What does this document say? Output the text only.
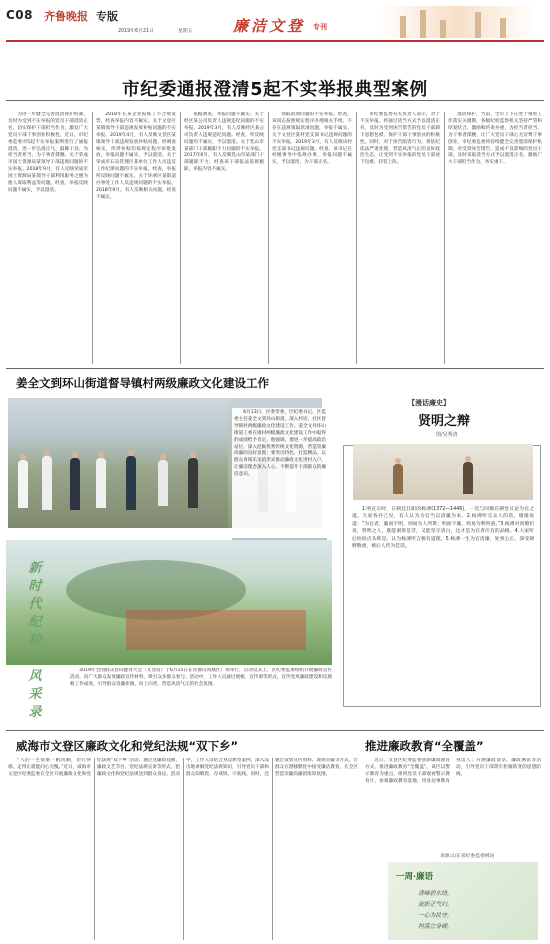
C08 齐鲁晚报 专版
2019年6月21日	星期五	廉洁文登 专刊
市纪委通报澄清5起不实举报典型案例

为进一步健全完善澄清保护机制，及时为受到不实举报的党员干部澄清正名，切实保护干部担当作为，激发广大党员干部干事创业积极性，近日，市纪委监委对5起不实举报案例进行了通报澄清，进一步弘扬正气、鼓舞干劲，为担当者担当、为干事者撑腰。关于荣成市国土资源局某领导干部违规问题的不实举报。2018年9月，有人反映荣成市国土资源局某领导干部利用职务之便为他人谋取利益等问题。经查，举报反映问题不属实，予以澄清。

2018年在某企业报账了不合规发票，经查举报内容不属实。关于文登区某镇领导干部违规发放补贴问题的不实举报。2019年4月，有人反映文登区某镇领导干部违规发放补贴问题。经调查核实，所涉补贴均按规定程序审批发放，举报问题不属实，予以澄清。关于荣成市石岛管理区某单位工作人员违反工作纪律问题的不实举报。经查，举报所反映问题不属实。关于环翠区某街道办事处工作人员违规问题的不实举报。2018年9月，有人反映相关问题，经查不属实。

依据调查，举报问题不属实。关于经区某公司负责人违规违纪问题的不实举报。2019年3月，有人反映经区某公司负责人违规违纪问题。经查，所反映问题均不属实，予以澄清。关于乳山市某部门干部履职不力问题的不实举报。2017年6月，有人反映乳山市某部门干部履职不力，经查该干部依法依规履职，举报内容不属实。

领取款项问题的不实举报。经查，该同志按照规定程序办理相关手续，不存在违规领取款项问题，举报不属实。关于文登区某村党支部书记违规问题的不实举报。2019年3月，有人反映该村党支部书记违规问题。经查，该书记在村级事务中依规办事，举报问题不属实，予以澄清，为干部正名。

市纪委监委有关负责人表示，对于不实举报，将通过适当方式予以澄清正名，及时为受到诬告错告的党员干部卸下思想包袱，保护干部干事创业的积极性。同时，对于诬告陷害行为，将依纪依法严肃处理，营造风清气正的良好政治生态，让受到不实举报的党员干部放下包袱、轻装上阵。

澄清保护，当前，全市上下正处于推进工作落实关键期，各级纪检监察机关坚持严管和厚爱结合、激励和约束并重，为担当者担当、为干事者撑腰，让广大党员干部心无旁骛干事创业。市纪委监委将持续健全完善澄清保护机制，对受到诬告错告、造成不良影响的党员干部，及时采取适当方式予以澄清正名，激励广大干部担当作为、务实重干。

姜全文到环山街道督导镇村两级廉政文化建设工作

6月13日，区委常委、区纪委书记、区监委主任姜全文到环山街道，深入村居、社区督导镇村两级廉政文化建设工作。姜全文对环山街道工委在镇村两级廉政文化建设工作中取得的成绩给予肯定。他强调，要进一步提高政治站位，深入挖掘优秀传统文化资源，营造崇廉尚廉的良好氛围；要突出特色、打造精品，以群众喜闻乐见的形式推动廉政文化进村入户，让廉洁理念深入人心，不断提升干部群众的廉洁意识。

新
时
代
纪
检
人
风
采
录

2019年全国群众登山健身大会（文登站）于6月15日在昆嵛山凤凰区广场举行，启动仪式上，区纪委监委组织开展廉政宣传活动，向广大群众发放廉政宣传材料，吸引众多群众参与。活动中，工作人员通过展板、宣传册等形式，宣传党风廉政建设和反腐败工作成效，引导群众崇廉拒腐、向上向善，营造风清气正的社会氛围。

【漫话廉史】
贤明之辩
图/吴秀清

1.明宣宗时，在朝廷任职的杨溥(1372—1446)，一次与同僚在朝堂议论为官之道。大家各抒己见，有人认为为官当以清廉为本。2.杨溥听完众人的话，缓缓说道：“为官者，廉而不明，则易为人所欺；明而不廉，则易为利所惑。”3.杨溥对同僚们说，贤明之人，既能洞察是非，又能坚守清白，这才是为官者应有的品格。4.大家听后纷纷点头称是，认为杨溥所言极有道理。5.杨溥一生为官清廉，处事公正，深受朝野敬重，被后人传为佳话。

威海市文登区廉政文化和党纪法规“双下乡”

“人的一生很难一帆风顺，但行得端、走得正就能问心无愧。”近日，威海市文登区纪委监委在全区开展廉政文化和党纪法规“双下乡”活动，通过送廉政戏曲、廉政文艺节目、党纪法规宣讲等形式，把廉政文化和党纪法规送到群众身边。活动中，工作人员结合身边典型案例，深入浅出地讲解党纪法规知识，引导党员干部和群众知敬畏、存戒惧、守底线。同时，还通过发放宣传资料、现场答疑等方式，让群众在潜移默化中接受廉洁教育，在全区营造崇廉尚廉的浓厚氛围。

推进廉政教育“全覆盖”

近日，文登区纪委监委创新廉政教育方式，推进廉政教育“全覆盖”。该区以警示教育为重点，组织党员干部观看警示教育片、参观廉政教育基地，用身边事教育身边人；开展廉政谈话、廉政测试等活动，引导党员干部筑牢拒腐防变的思想防线。

来源:山东省纪委监委网站
一周·廉语
清峰碧水绕，
流影正气归。
一心为民守，
坦荡立身碑。
